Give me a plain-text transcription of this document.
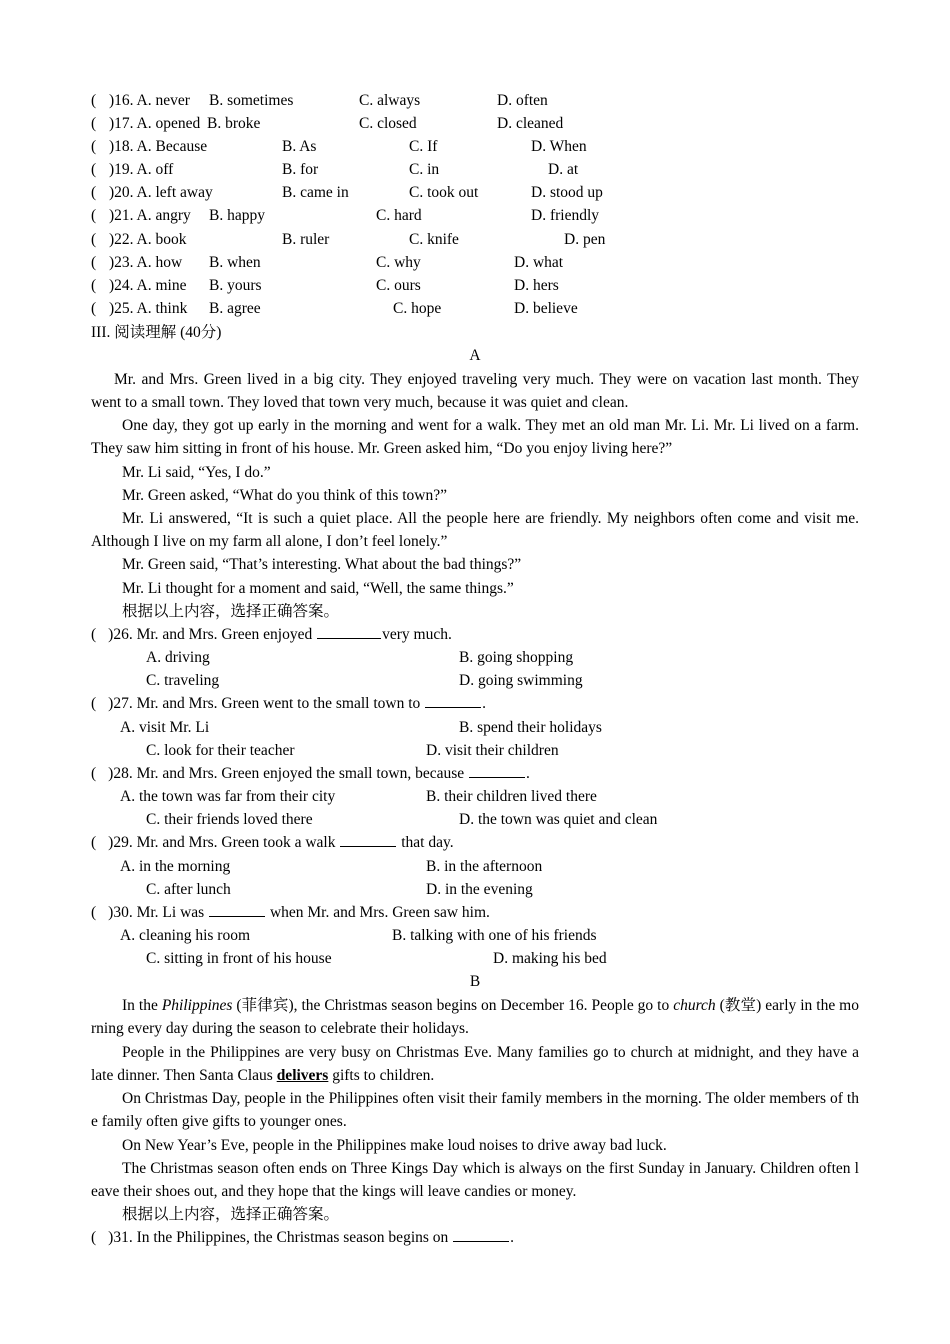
( )16. A. never B. sometimes	C. always	D. often
( )17. A. opened B. broke	C. closed	D. cleaned
( )18. A. Because	B. As	C. If	D. When
( )19. A. off	B. for	C. in	D. at
( )20. A. left away	B. came in	C. took out	D. stood up
( )21. A. angry B. happy	C. hard	D. friendly
( )22. A. book	B. ruler	C. knife	D. pen
( )23. A. how B. when	C. why	D. what
( )24. A. mine B. yours	C. ours	D. hers
( )25. A. think B. agree	C. hope	D. believe
III. 阅读理解 (40分)
A
Mr. and Mrs. Green lived in a big city. They enjoyed traveling very much. They were on vacation last month. They went to a small town. They loved that town very much, because it was quiet and clean.
One day, they got up early in the morning and went for a walk. They met an old man Mr. Li. Mr. Li lived on a farm. They saw him sitting in front of his house. Mr. Green asked him, “Do you enjoy living here?”
Mr. Li said, “Yes, I do.”
Mr. Green asked, “What do you think of this town?”
Mr. Li answered, “It is such a quiet place. All the people here are friendly. My neighbors often come and visit me. Although I live on my farm all alone, I don’t feel lonely.”
Mr. Green said, “That’s interesting. What about the bad things?”
Mr. Li thought for a moment and said, “Well, the same things.”
根据以上内容，选择正确答案。
( )26. Mr. and Mrs. Green enjoyed	very much.
A. driving	B. going shopping
C. traveling	D. going swimming
( )27. Mr. and Mrs. Green went to the small town to	.
A. visit Mr. Li	B. spend their holidays
C. look for their teacher	D. visit their children
( )28. Mr. and Mrs. Green enjoyed the small town, because	.
A. the town was far from their city	B. their children lived there
C. their friends loved there	D. the town was quiet and clean
( )29. Mr. and Mrs. Green took a walk	that day.
A. in the morning	B. in the afternoon
C. after lunch	D. in the evening
( )30. Mr. Li was	when Mr. and Mrs. Green saw him.
A. cleaning his room	B. talking with one of his friends
C. sitting in front of his house	D. making his bed
B
In the Philippines (菲律宾), the Christmas season begins on December 16. People go to church (教堂) early in the morning every day during the season to celebrate their holidays.
People in the Philippines are very busy on Christmas Eve. Many families go to church at midnight, and they have a late dinner. Then Santa Claus delivers gifts to children.
On Christmas Day, people in the Philippines often visit their family members in the morning. The older members of the family often give gifts to younger ones.
On New Year’s Eve, people in the Philippines make loud noises to drive away bad luck.
The Christmas season often ends on Three Kings Day which is always on the first Sunday in January. Children often leave their shoes out, and they hope that the kings will leave candies or money.
根据以上内容，选择正确答案。
( )31. In the Philippines, the Christmas season begins on	.
